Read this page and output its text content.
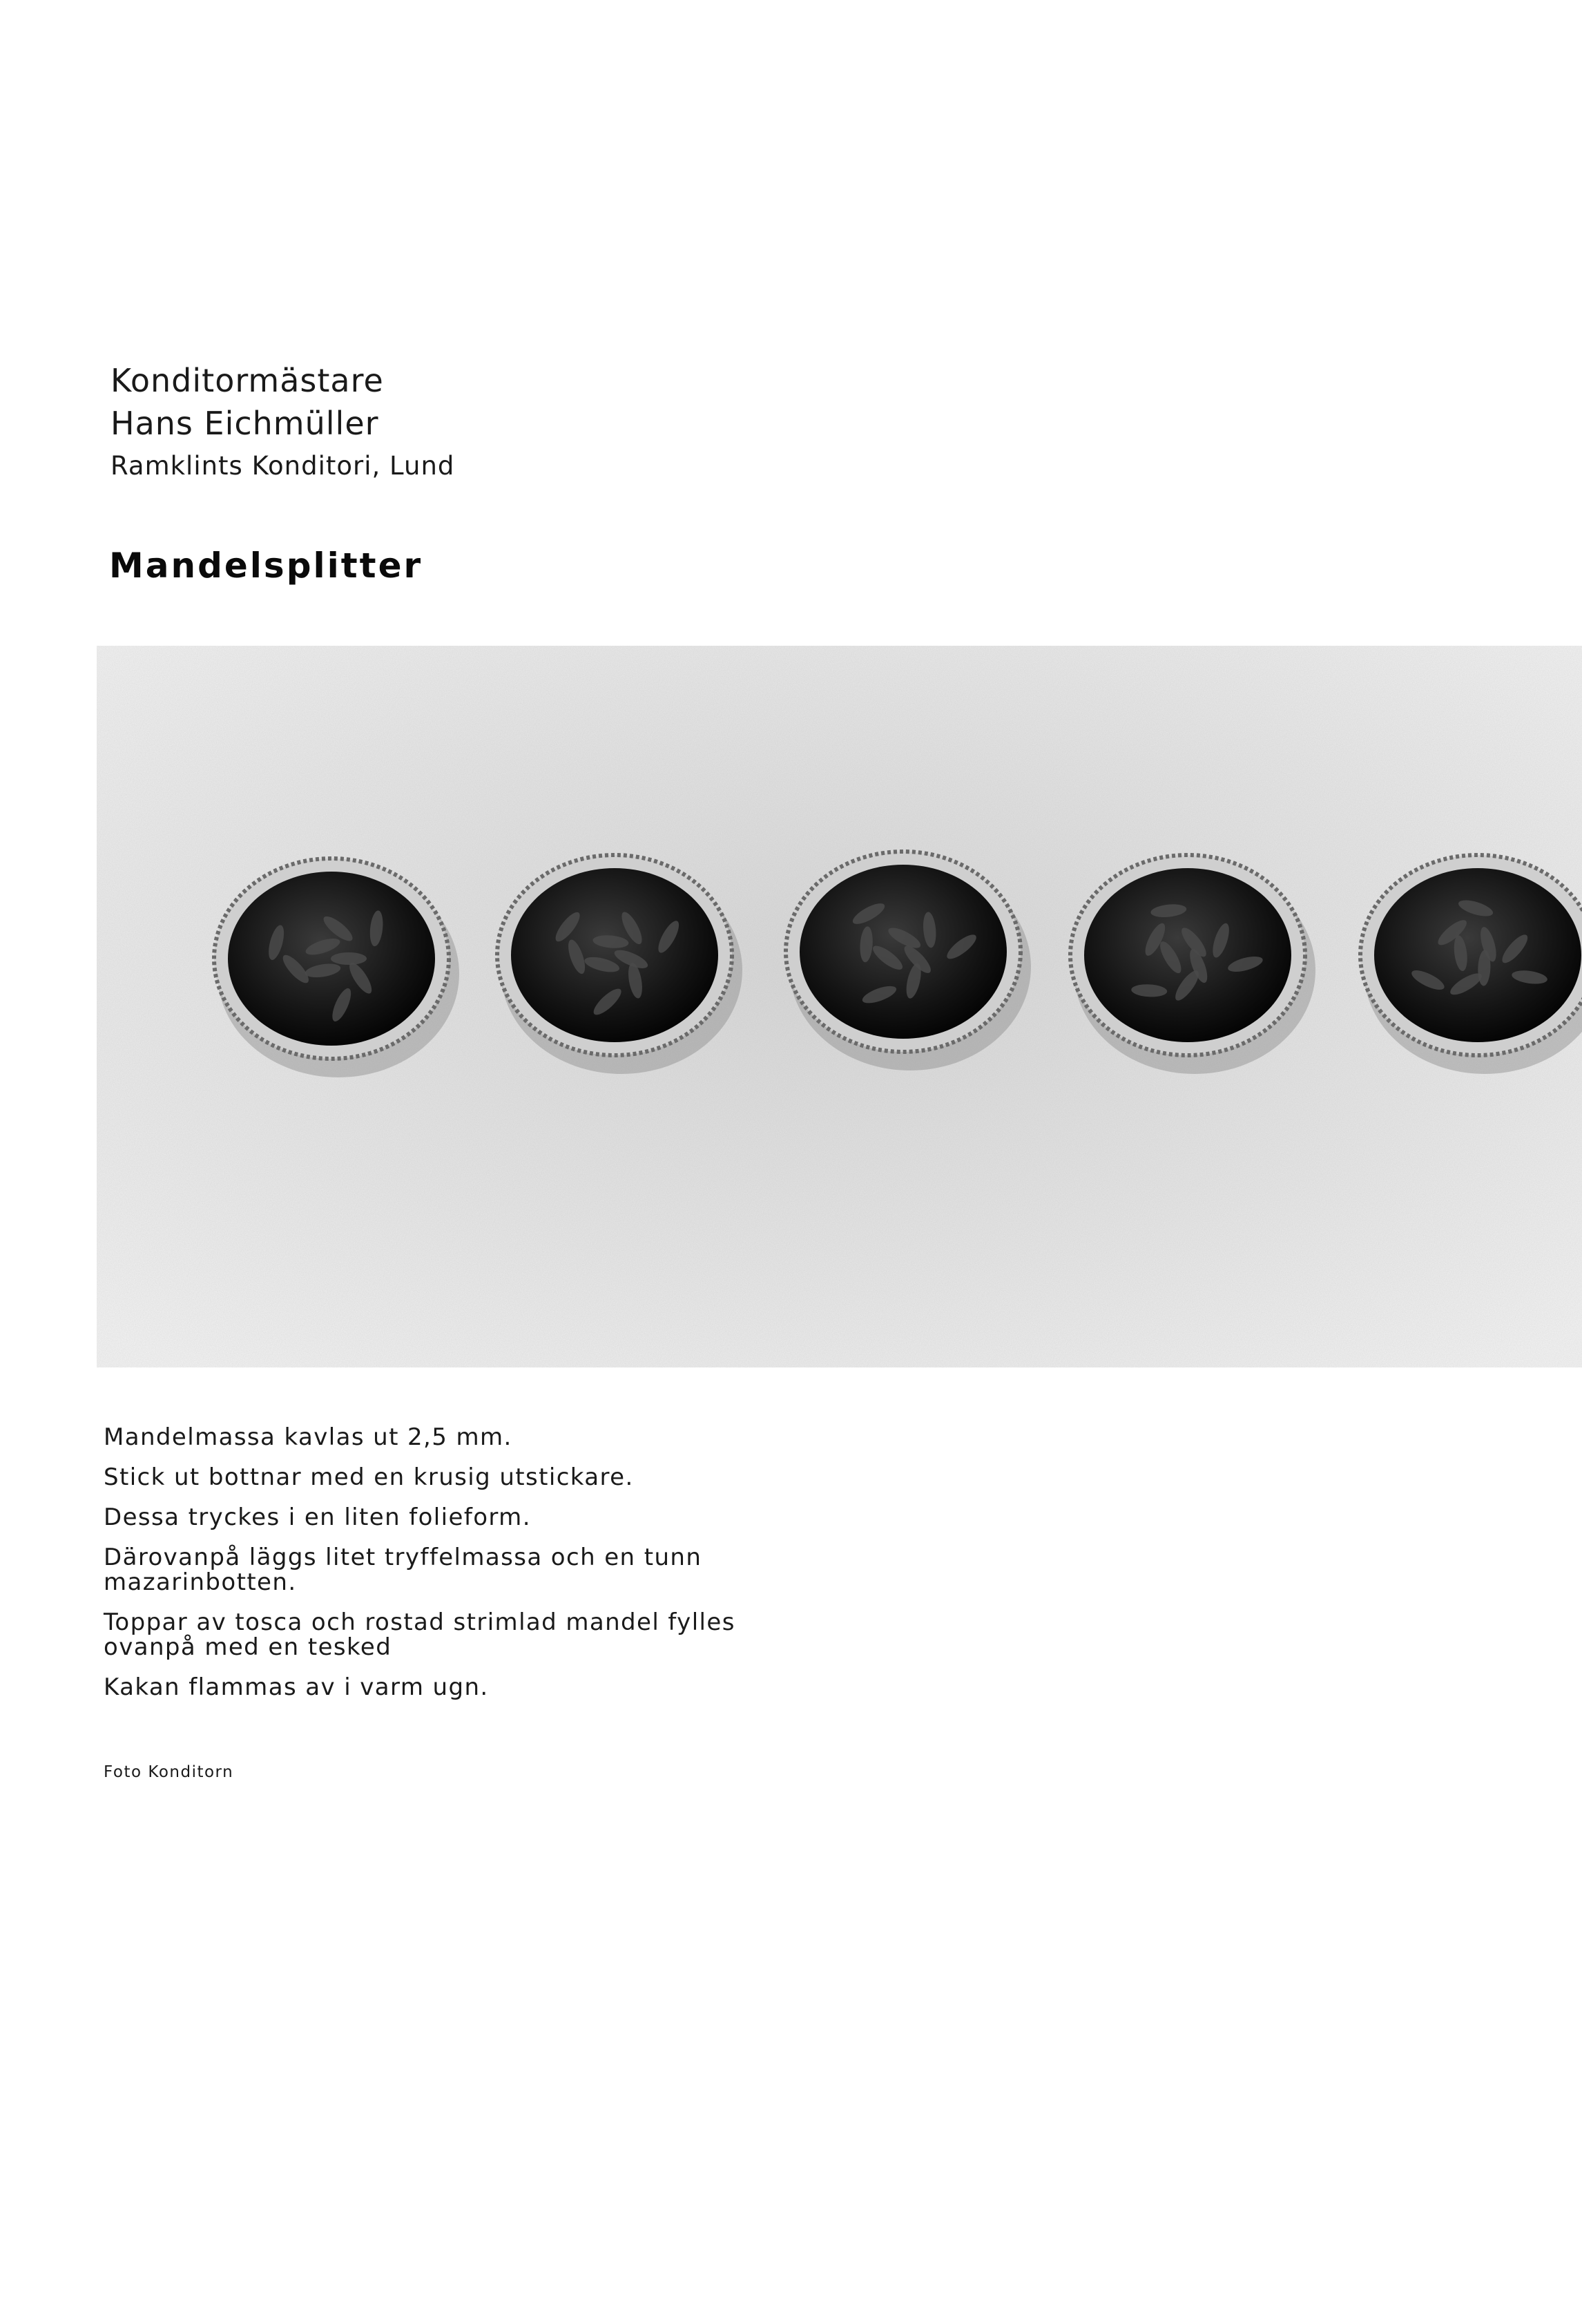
Konditormästare
Hans Eichmüller
Ramklints Konditori, Lund
Mandelsplitter

Mandelmassa kavlas ut 2,5 mm.

Stick ut bottnar med en krusig utstickare.

Dessa tryckes i en liten folieform.

Därovanpå läggs litet tryffelmassa och en tunn mazarinbotten.

Toppar av tosca och rostad strimlad mandel fylles ovanpå med en tesked

Kakan flammas av i varm ugn.

Foto Konditorn
